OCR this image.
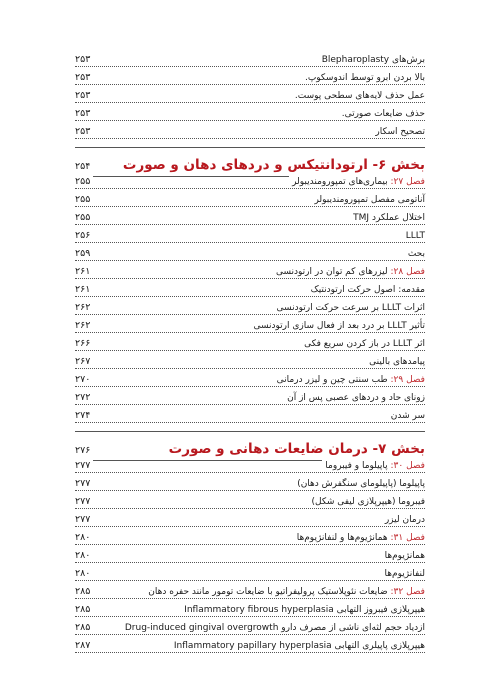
برش‌های Blepharoplasty
۲۵۳
بالا بردن ابرو توسط اندوسکوپ.
۲۵۳
عمل حذف لایه‌های سطحی پوست.
۲۵۳
حذف ضایعات صورتی.
۲۵۳
تصحیح اسکار
۲۵۳
بخش ۶- ارتودانتیکس و دردهای دهان و صورت
۲۵۴
فصل ۲۷: بیماری‌های تمپورومندیبولر
۲۵۵
آناتومی مفصل تمپورومندیبولر
۲۵۵
اختلال عملکرد TMJ
۲۵۵
LLLT
۲۵۶
بحث
۲۵۹
فصل ۲۸: لیزرهای کم توان در ارتودنسی
۲۶۱
مقدمه: اصول حرکت ارتودنتیک
۲۶۱
اثرات LLLT بر سرعت حرکت ارتودنسی
۲۶۲
تأثیر LLLT بر درد بعد از فعال سازی ارتودنسی
۲۶۲
اثر LLLT در باز کردن سریع فکی
۲۶۶
پیامدهای بالینی
۲۶۷
فصل ۲۹: طب سنتی چین و لیزر درمانی
۲۷۰
زونای حاد و دردهای عصبی پس از آن
۲۷۲
سر شدن
۲۷۴
بخش ۷- درمان ضایعات دهانی و صورت
۲۷۶
فصل ۳۰: پاپیلوما و فیبروما
۲۷۷
پاپیلوما (پاپیلومای سنگفرش دهان)
۲۷۷
فیبروما (هیپرپلازی لیفی شکل)
۲۷۷
درمان لیزر
۲۷۷
فصل ۳۱: همانژیوم‌ها و لنفانژیوم‌ها
۲۸۰
همانژیوم‌ها
۲۸۰
لنفانژیوم‌ها
۲۸۰
فصل ۳۲: ضایعات نئوپلاستیک پرولیفراتیو با ضایعات تومور مانند حفره دهان
۲۸۵
هیپرپلازی فیبروز التهابی Inflammatory fibrous hyperplasia
۲۸۵
ازدیاد حجم لثه‌ای ناشی از مصرف دارو Drug-induced gingival overgrowth
۲۸۵
هیپرپلازی پاپیلری التهابی Inflammatory papillary hyperplasia
۲۸۷
